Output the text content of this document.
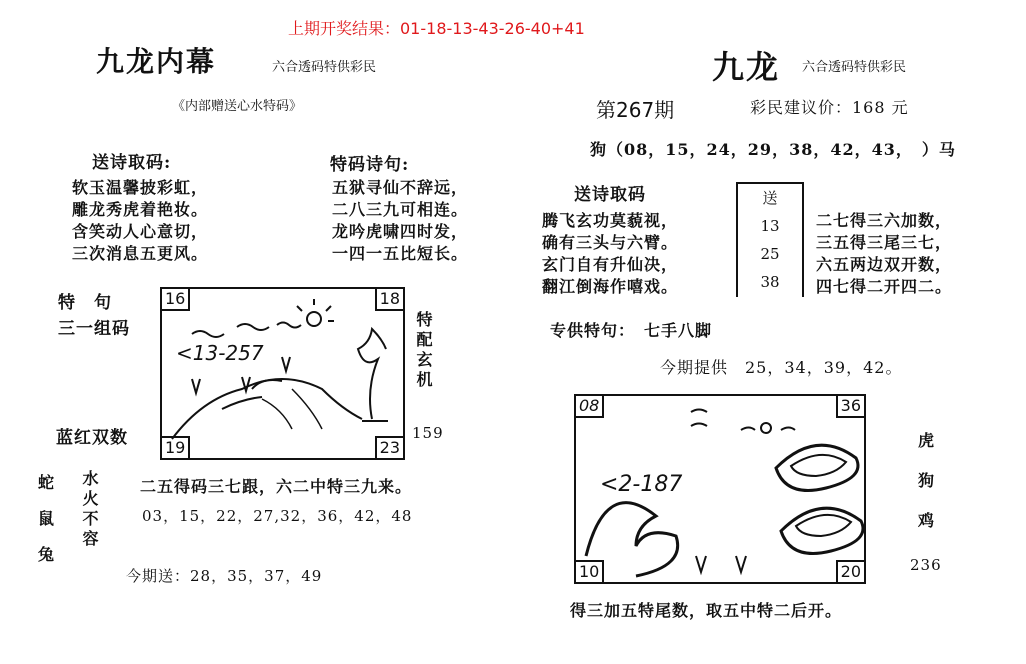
上期开奖结果：01-18-13-43-26-40+41
九龙内幕	六合透码特供彩民
《内部赠送心水特码》
送诗取码:
软玉温馨披彩虹，
雕龙秀虎着艳妆。
含笑动人心意切，
三次消息五更风。
特码诗句:
五狱寻仙不辞远，
二八三九可相连。
龙吟虎啸四时发，
一四一五比短长。
特　句
三一组码
蓝红双数
16	18
19	23
<13-257	特配玄机
159
蛇
鼠
兔
水火不容	二五得码三七跟，六二中特三九来。
03，15，22，27,32，36，42，48
今期送：28，35，37，49
九龙 六合透码特供彩民
第267期	彩民建议价：168 元
狗（08，15，24，29，38，42，43，　）马
送诗取码
腾飞玄功莫藐视，
确有三头与六臂。
玄门自有升仙决，
翻江倒海作嘻戏。
送
13
25
38
二七得三六加数，
三五得三尾三七，
六五两边双开数，
四七得二开四二。
专供特句：　七手八脚
今期提供　25，34，39，42。
08	36
10	20
<2-187
虎
狗
鸡
236
得三加五特尾数，取五中特二后开。
